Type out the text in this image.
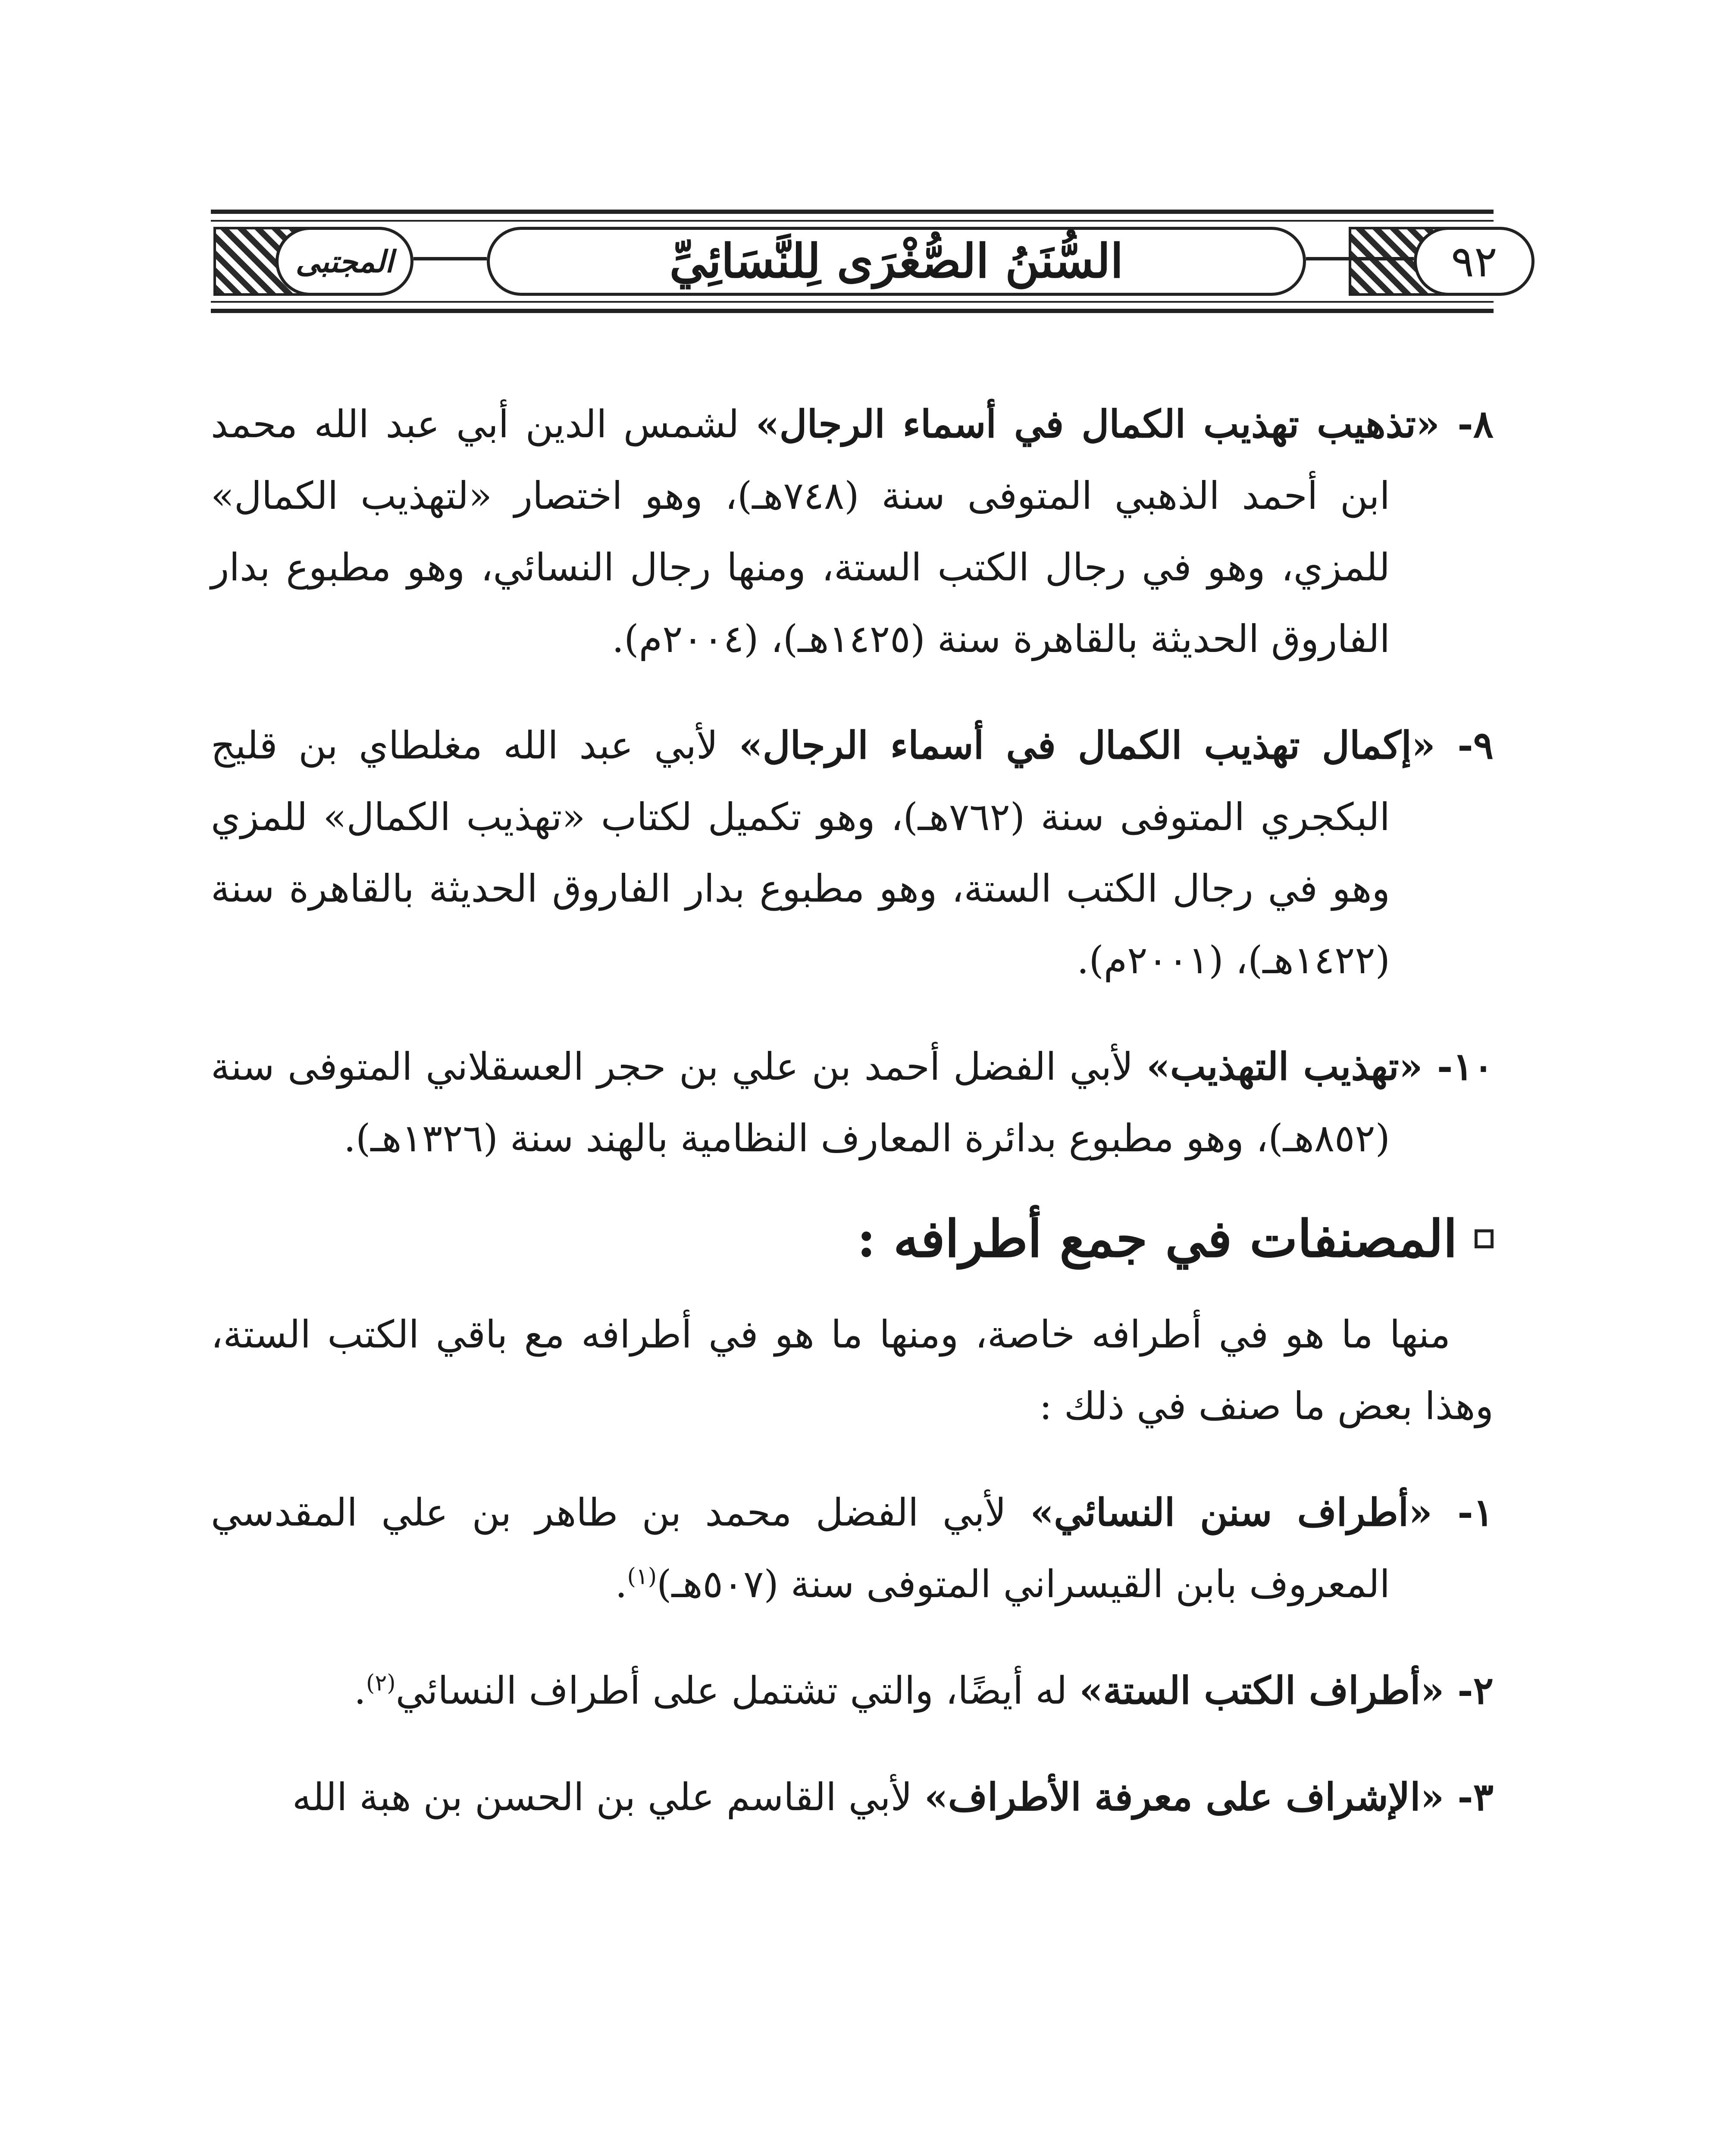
المجتبى	السُّنَنُ الصُّغْرَى لِلنَّسَائِيِّ	٩٢

٨- «تذهيب تهذيب الكمال في أسماء الرجال» لشمس الدين أبي عبد الله محمد ابن أحمد الذهبي المتوفى سنة (٧٤٨هـ)، وهو اختصار «لتهذيب الكمال» للمزي، وهو في رجال الكتب الستة، ومنها رجال النسائي، وهو مطبوع بدار الفاروق الحديثة بالقاهرة سنة (١٤٢٥هـ)، (٢٠٠٤م).

٩- «إكمال تهذيب الكمال في أسماء الرجال» لأبي عبد الله مغلطاي بن قليج البكجري المتوفى سنة (٧٦٢هـ)، وهو تكميل لكتاب «تهذيب الكمال» للمزي وهو في رجال الكتب الستة، وهو مطبوع بدار الفاروق الحديثة بالقاهرة سنة (١٤٢٢هـ)، (٢٠٠١م).

١٠- «تهذيب التهذيب» لأبي الفضل أحمد بن علي بن حجر العسقلاني المتوفى سنة (٨٥٢هـ)، وهو مطبوع بدائرة المعارف النظامية بالهند سنة (١٣٢٦هـ).

المصنفات في جمع أطرافه :

منها ما هو في أطرافه خاصة، ومنها ما هو في أطرافه مع باقي الكتب الستة، وهذا بعض ما صنف في ذلك :

١- «أطراف سنن النسائي» لأبي الفضل محمد بن طاهر بن علي المقدسي المعروف بابن القيسراني المتوفى سنة (٥٠٧هـ)$^{(١)}$.

٢- «أطراف الكتب الستة» له أيضًا، والتي تشتمل على أطراف النسائي$^{(٢)}$.

٣- «الإشراف على معرفة الأطراف» لأبي القاسم علي بن الحسن بن هبة الله
